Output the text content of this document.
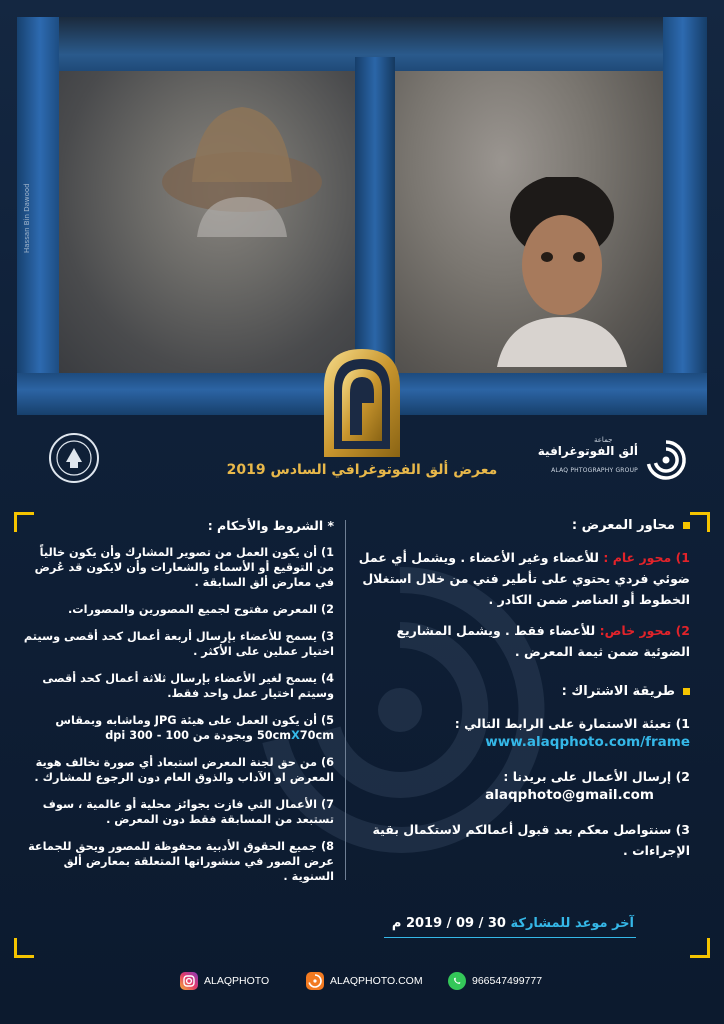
Hassan Bin Dawood
جماعة
ألق الفوتوغرافية
ALAQ PHTOGRAPHY GROUP
معرض ألق الفوتوغرافي السادس 2019
محاور المعرض :
1) محور عام : للأعضاء وغير الأعضاء . ويشمل أي عمل ضوئي فردي يحتوي على تأطير فني من خلال استغلال الخطوط أو العناصر ضمن الكادر .
2) محور خاص: للأعضاء فقط . ويشمل المشاريع الضوئية ضمن ثيمة المعرض .
طريقة الاشتراك :
1) تعبئة الاستمارة على الرابط التالي :
www.alaqphoto.com/frame
2) إرسال الأعمال على بريدنا :
alaqphoto@gmail.com
3) سنتواصل معكم بعد قبول أعمالكم لاستكمال بقية الإجراءات .
آخر موعد للمشاركة 30 / 09 / 2019 م
* الشروط والأحكام :
1) أن يكون العمل من تصوير المشارك وأن يكون خالياً من التوقيع أو الأسماء والشعارات وأن لايكون قد عُرض في معارض ألق السابقة .
2) المعرض مفتوح لجميع المصورين والمصورات.
3) يسمح للأعضاء بإرسال أربعة أعمال كحد أقصى وسيتم اختيار عملين على الأكثر .
4) يسمح لغير الأعضاء بإرسال ثلاثة أعمال كحد أقصى وسيتم اختيار عمل واحد فقط.
5) أن يكون العمل على هيئة JPG وماشابه وبمقاس 50cmX70cm وبجودة من 100 - 300 dpi
6) من حق لجنة المعرض استبعاد أي صورة تخالف هوية المعرض او الآداب والذوق العام دون الرجوع للمشارك .
7) الأعمال التي فازت بجوائز محلية أو عالمية ، سوف تستبعد من المسابقة فقط دون المعرض .
8) جميع الحقوق الأدبية محفوظة للمصور ويحق للجماعة عرض الصور في منشوراتها المتعلقة بمعارض ألق السنوية .
ALAQPHOTO	ALAQPHOTO.COM	966547499777
